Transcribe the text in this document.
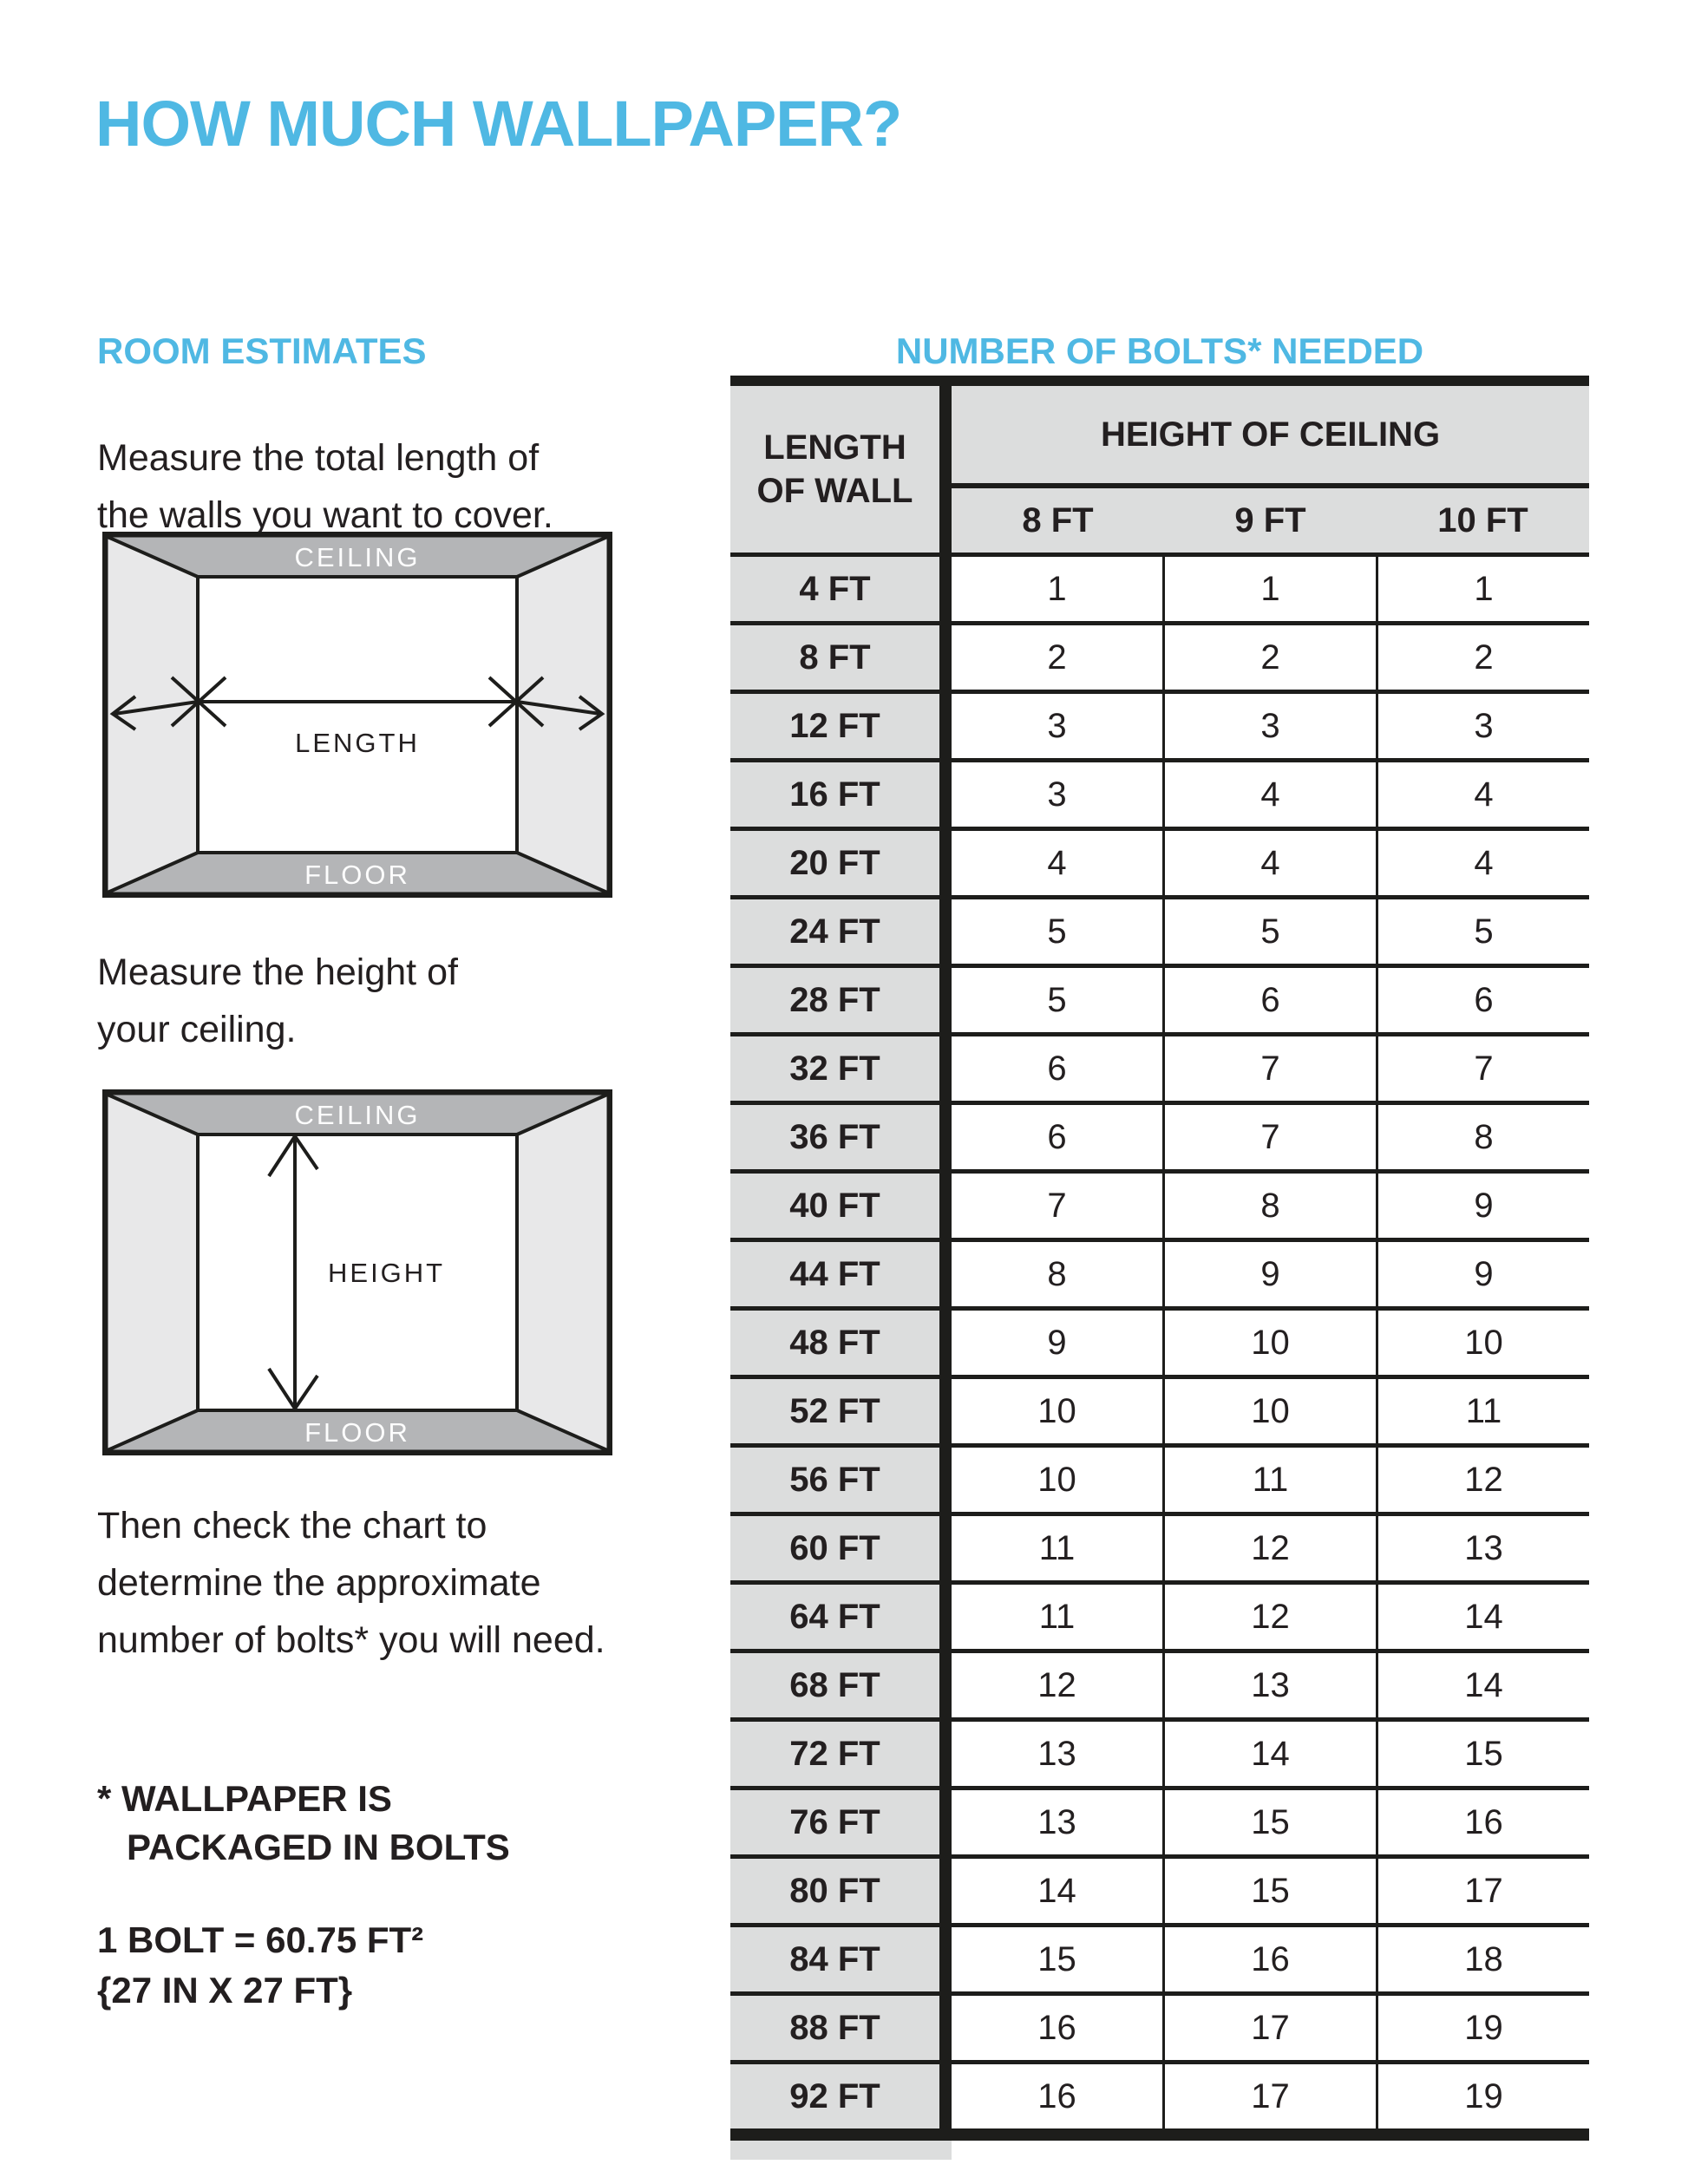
HOW MUCH WALLPAPER?
ROOM ESTIMATES	NUMBER OF BOLTS* NEEDED

Measure the total length of
the walls you want to cover.

CEILING
FLOOR
LENGTH

Measure the height of
your ceiling.

CEILING
FLOOR
HEIGHT

Then check the chart to
determine the approximate
number of bolts* you will need.

* WALLPAPER IS
PACKAGED IN BOLTS
1 BOLT = 60.75 FT²
{27 IN X 27 FT}
LENGTH
OF WALL
HEIGHT OF CEILING
8 FT	9 FT	10 FT
4 FT	1	1	1
8 FT	2	2	2
12 FT	3	3	3
16 FT	3	4	4
20 FT	4	4	4
24 FT	5	5	5
28 FT	5	6	6
32 FT	6	7	7
36 FT	6	7	8
40 FT	7	8	9
44 FT	8	9	9
48 FT	9	10	10
52 FT	10	10	11
56 FT	10	11	12
60 FT	11	12	13
64 FT	11	12	14
68 FT	12	13	14
72 FT	13	14	15
76 FT	13	15	16
80 FT	14	15	17
84 FT	15	16	18
88 FT	16	17	19
92 FT	16	17	19
